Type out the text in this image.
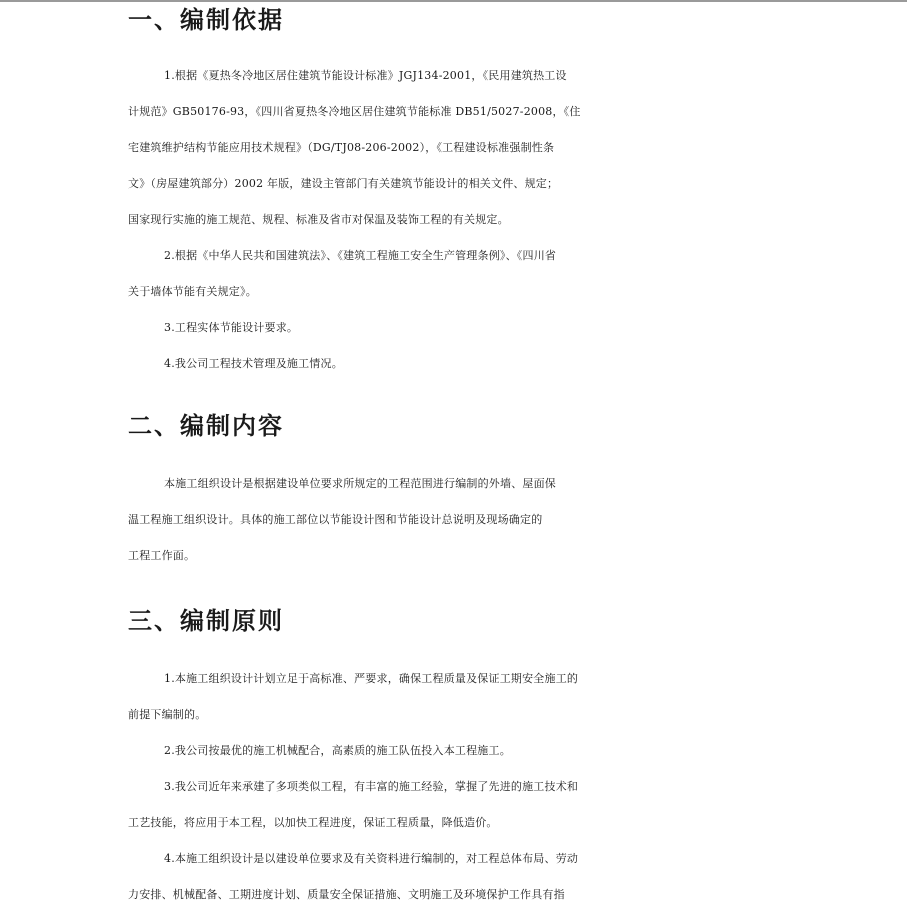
一、编制依据

1.根据《夏热冬冷地区居住建筑节能设计标准》JGJ134-2001，《民用建筑热工设
计规范》GB50176-93，《四川省夏热冬冷地区居住建筑节能标准 DB51/5027-2008，《住
宅建筑维护结构节能应用技术规程》（DG/TJ08-206-2002），《工程建设标准强制性条
文》（房屋建筑部分）2002 年版，建设主管部门有关建筑节能设计的相关文件、规定；
国家现行实施的施工规范、规程、标准及省市对保温及装饰工程的有关规定。

2.根据《中华人民共和国建筑法》、《建筑工程施工安全生产管理条例》、《四川省
关于墙体节能有关规定》。

3.工程实体节能设计要求。

4.我公司工程技术管理及施工情况。

二、编制内容

本施工组织设计是根据建设单位要求所规定的工程范围进行编制的外墙、屋面保
温工程施工组织设计。具体的施工部位以节能设计图和节能设计总说明及现场确定的
工程工作面。

三、编制原则

1.本施工组织设计计划立足于高标准、严要求，确保工程质量及保证工期安全施工的
前提下编制的。

2.我公司按最优的施工机械配合，高素质的施工队伍投入本工程施工。

3.我公司近年来承建了多项类似工程，有丰富的施工经验，掌握了先进的施工技术和
工艺技能，将应用于本工程，以加快工程进度，保证工程质量，降低造价。

4.本施工组织设计是以建设单位要求及有关资料进行编制的，对工程总体布局、劳动
力安排、机械配备、工期进度计划、质量安全保证措施、文明施工及环境保护工作具有指
